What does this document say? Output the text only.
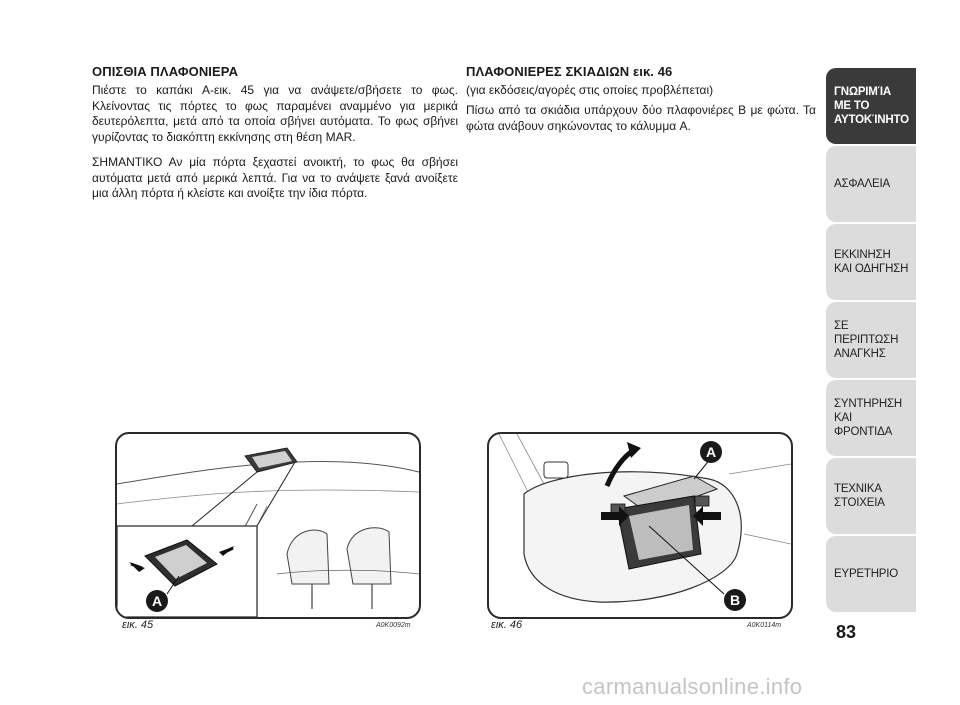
ΟΠΙΣΘΙΑ ΠΛΑΦΟΝΙΕΡΑ

Πιέστε το καπάκι A-εικ. 45 για να ανάψετε/σβήσετε το φως. Κλείνοντας τις πόρτες το φως παραμένει αναμμένο για μερικά δευτερόλεπτα, μετά από τα οποία σβήνει αυτόματα. Το φως σβήνει γυρίζοντας το διακόπτη εκκίνησης στη θέση MAR.

ΣΗΜΑΝΤΙΚΟ Αν μία πόρτα ξεχαστεί ανοικτή, το φως θα σβήσει αυτόματα μετά από μερικά λεπτά. Για να το ανάψετε ξανά ανοίξετε μια άλλη πόρτα ή κλείστε και ανοίξτε την ίδια πόρτα.

ΠΛΑΦΟΝΙΕΡΕΣ ΣΚΙΑΔΙΩΝ εικ. 46
(για εκδόσεις/αγορές στις οποίες προβλέπεται)

Πίσω από τα σκιάδια υπάρχουν δύο πλαφονιέρες B με φώτα. Τα φώτα ανάβουν σηκώνοντας το κάλυμμα A.

A
εικ. 45	A0K0092m
A
B
εικ. 46	A0K0114m
ΓΝΩΡΙΜΊΑ ΜΕ ΤΟ ΑΥΤΟΚΊΝΗΤΟ
ΑΣΦΑΛΕΙΑ
ΕΚΚΙΝΗΣΗ ΚΑΙ ΟΔΗΓΗΣΗ
ΣΕ ΠΕΡΙΠΤΩΣΗ ΑΝΑΓΚΗΣ
ΣΥΝΤΗΡΗΣΗ ΚΑΙ ΦΡΟΝΤΙΔΑ
ΤΕΧΝΙΚΑ ΣΤΟΙΧΕΙΑ
ΕΥΡΕΤΗΡΙΟ
83
carmanualsonline.info
